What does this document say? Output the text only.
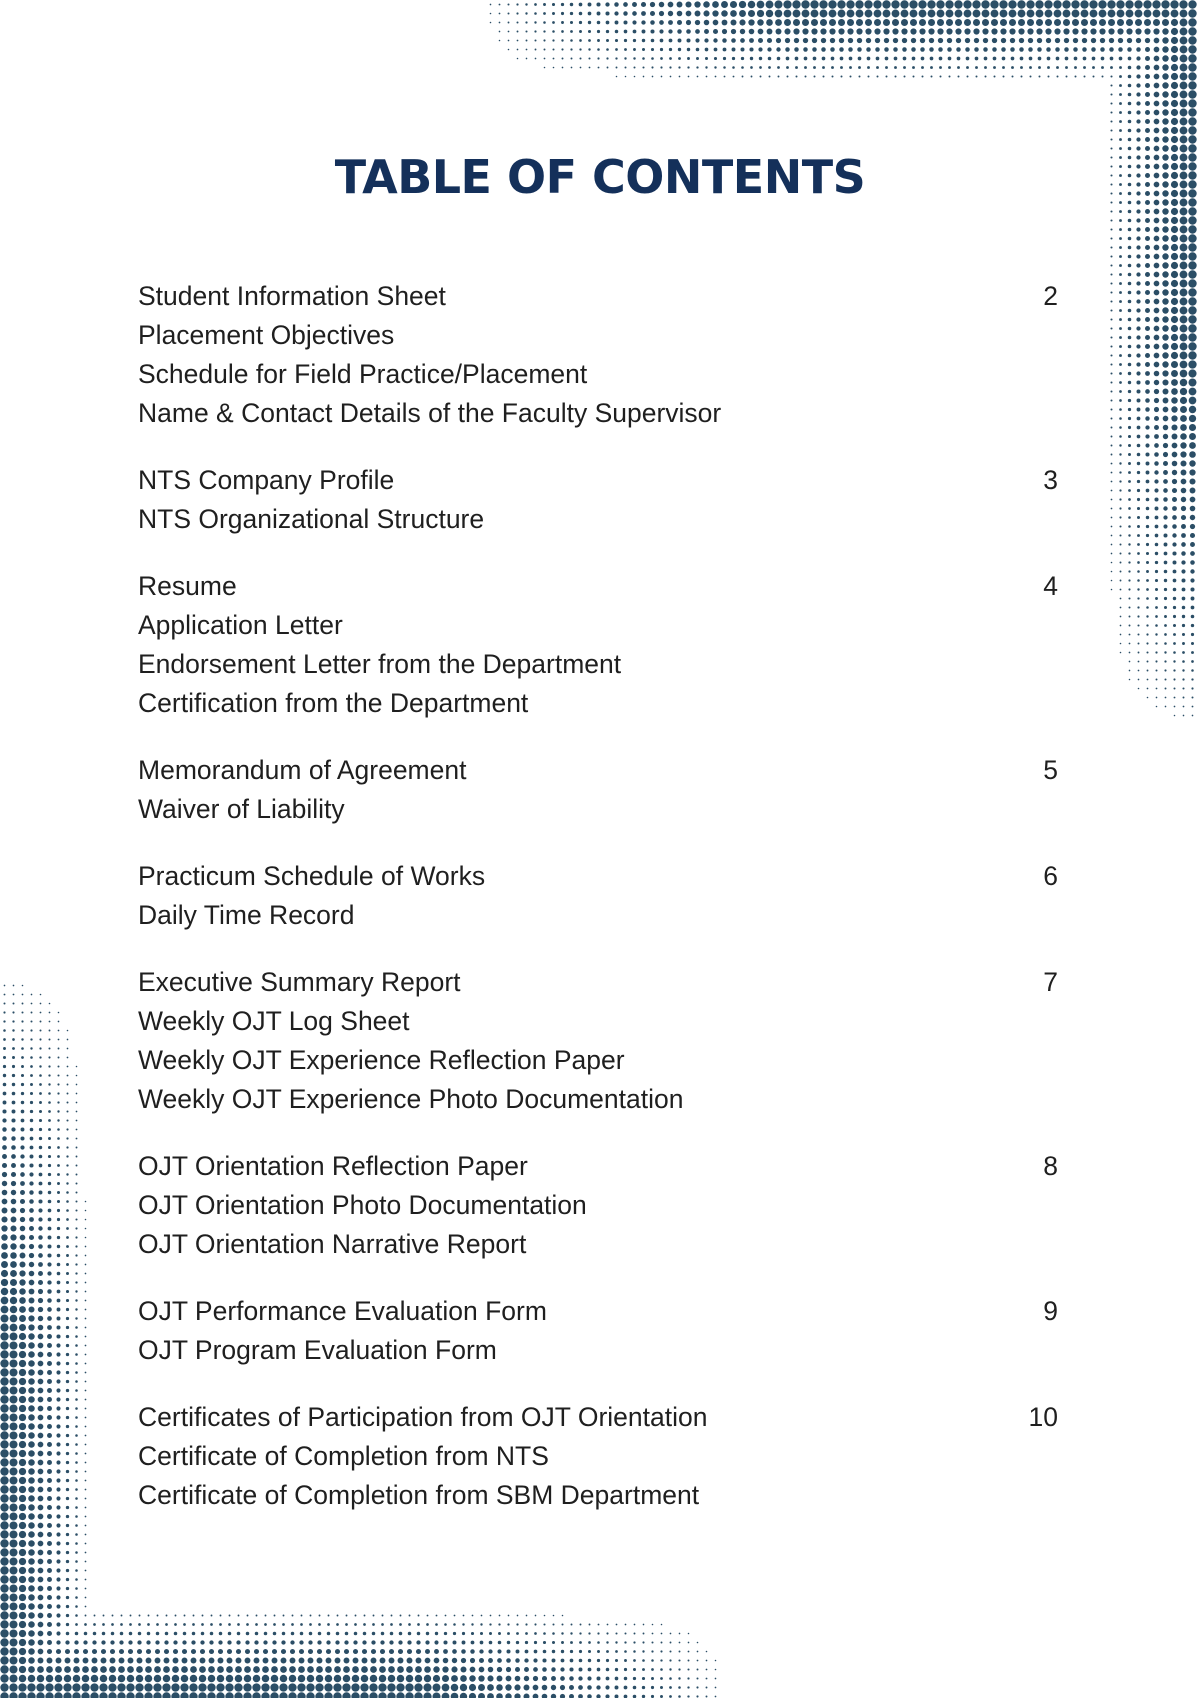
TABLE OF CONTENTS
Student Information Sheet
Placement Objectives
Schedule for Field Practice/Placement
Name & Contact Details of the Faculty Supervisor
2
NTS Company Profile
NTS Organizational Structure
3
Resume
Application Letter
Endorsement Letter from the Department
Certification from the Department
4
Memorandum of Agreement
Waiver of Liability
5
Practicum Schedule of Works
Daily Time Record
6
Executive Summary Report
Weekly OJT Log Sheet
Weekly OJT Experience Reflection Paper
Weekly OJT Experience Photo Documentation
7
OJT Orientation Reflection Paper
OJT Orientation Photo Documentation
OJT Orientation Narrative Report
8
OJT Performance Evaluation Form
OJT Program Evaluation Form
9
Certificates of Participation from OJT Orientation
Certificate of Completion from NTS
Certificate of Completion from SBM Department
10
